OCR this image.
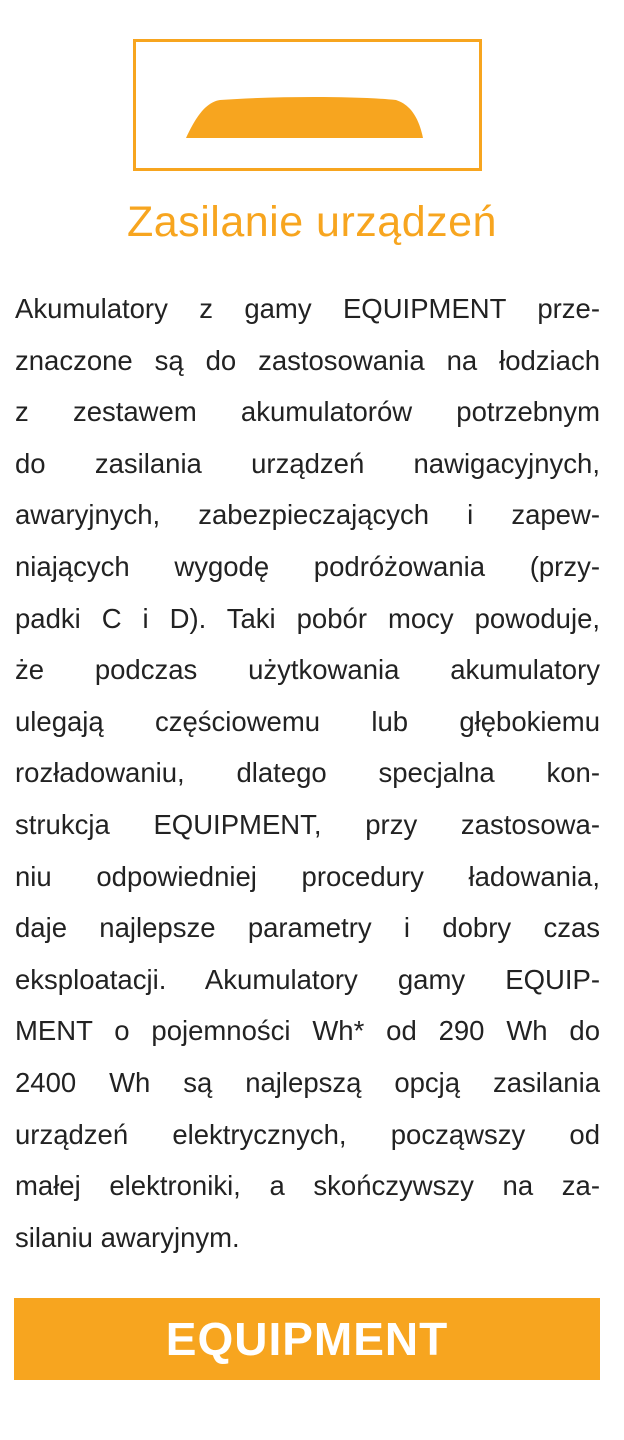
Zasilanie urządzeń
Akumulatory z gamy EQUIPMENT prze-
znaczone są do zastosowania na łodziach
z zestawem akumulatorów potrzebnym
do zasilania urządzeń nawigacyjnych,
awaryjnych, zabezpieczających i zapew-
niających wygodę podróżowania (przy-
padki C i D). Taki pobór mocy powoduje,
że podczas użytkowania akumulatory
ulegają częściowemu lub głębokiemu
rozładowaniu, dlatego specjalna kon-
strukcja EQUIPMENT, przy zastosowa-
niu odpowiedniej procedury ładowania,
daje najlepsze parametry i dobry czas
eksploatacji. Akumulatory gamy EQUIP-
MENT o pojemności Wh* od 290 Wh do
2400 Wh są najlepszą opcją zasilania
urządzeń elektrycznych, począwszy od
małej elektroniki, a skończywszy na za-
silaniu awaryjnym.
EQUIPMENT
